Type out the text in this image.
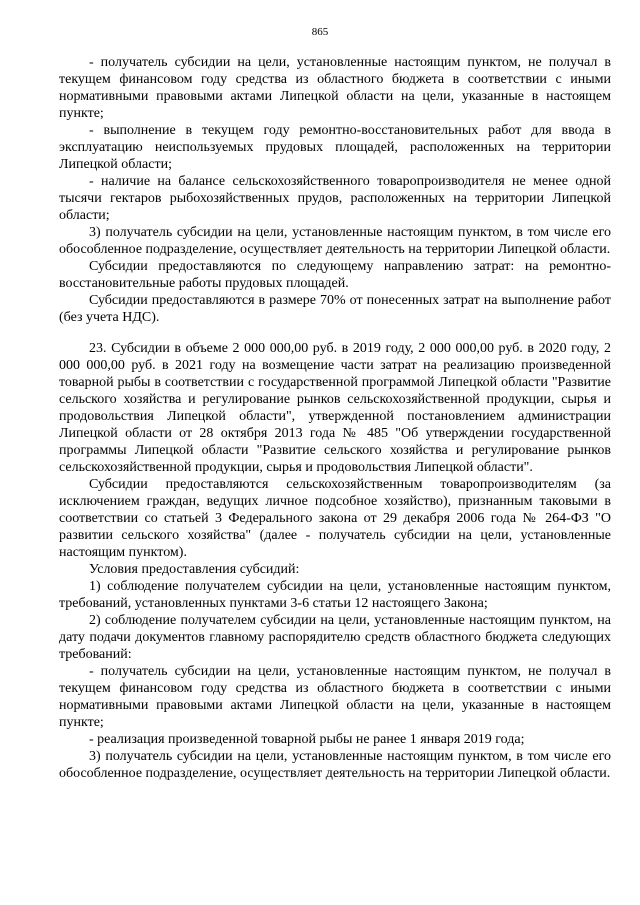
865

- получатель субсидии на цели, установленные настоящим пунктом, не получал в текущем финансовом году средства из областного бюджета в соответствии с иными нормативными правовыми актами Липецкой области на цели, указанные в настоящем пункте;

- выполнение в текущем году ремонтно-восстановительных работ для ввода в эксплуатацию неиспользуемых прудовых площадей, расположенных на территории Липецкой области;

- наличие на балансе сельскохозяйственного товаропроизводителя не менее одной тысячи гектаров рыбохозяйственных прудов, расположенных на территории Липецкой области;

3) получатель субсидии на цели, установленные настоящим пунктом, в том числе его обособленное подразделение, осуществляет деятельность на территории Липецкой области.

Субсидии предоставляются по следующему направлению затрат: на ремонтно-восстановительные работы прудовых площадей.

Субсидии предоставляются в размере 70% от понесенных затрат на выполнение работ (без учета НДС).

23. Субсидии в объеме 2 000 000,00 руб. в 2019 году, 2 000 000,00 руб. в 2020 году, 2 000 000,00 руб. в 2021 году на возмещение части затрат на реализацию произведенной товарной рыбы в соответствии с государственной программой Липецкой области "Развитие сельского хозяйства и регулирование рынков сельскохозяйственной продукции, сырья и продовольствия Липецкой области", утвержденной постановлением администрации Липецкой области от 28 октября 2013 года № 485 "Об утверждении государственной программы Липецкой области "Развитие сельского хозяйства и регулирование рынков сельскохозяйственной продукции, сырья и продовольствия Липецкой области".

Субсидии предоставляются сельскохозяйственным товаропроизводителям (за исключением граждан, ведущих личное подсобное хозяйство), признанным таковыми в соответствии со статьей 3 Федерального закона от 29 декабря 2006 года № 264-ФЗ "О развитии сельского хозяйства" (далее - получатель субсидии на цели, установленные настоящим пунктом).

Условия предоставления субсидий:

1) соблюдение получателем субсидии на цели, установленные настоящим пунктом, требований, установленных пунктами 3-6 статьи 12 настоящего Закона;

2) соблюдение получателем субсидии на цели, установленные настоящим пунктом, на дату подачи документов главному распорядителю средств областного бюджета следующих требований:

- получатель субсидии на цели, установленные настоящим пунктом, не получал в текущем финансовом году средства из областного бюджета в соответствии с иными нормативными правовыми актами Липецкой области на цели, указанные в настоящем пункте;

- реализация произведенной товарной рыбы не ранее 1 января 2019 года;

3) получатель субсидии на цели, установленные настоящим пунктом, в том числе его обособленное подразделение, осуществляет деятельность на территории Липецкой области.
